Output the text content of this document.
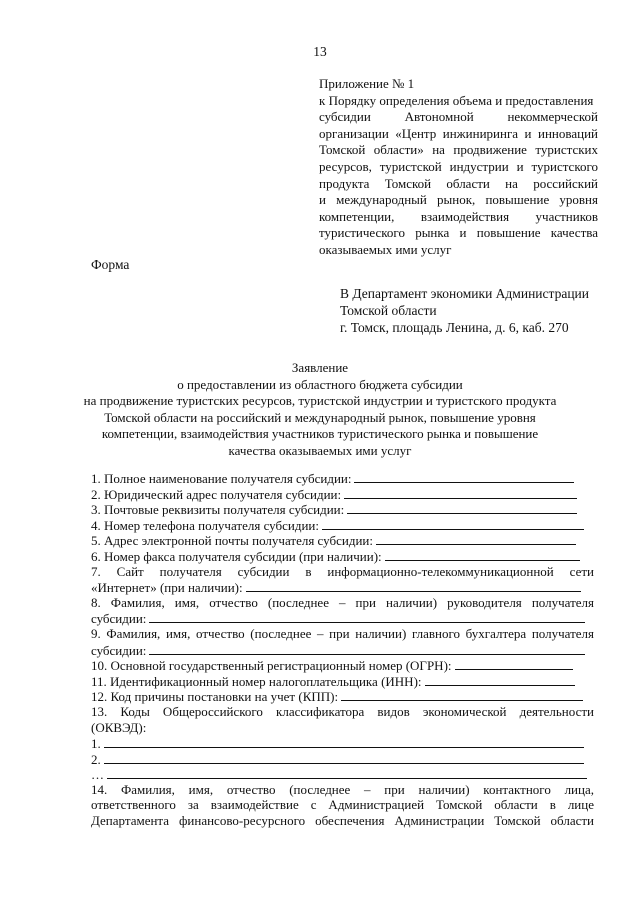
13
Приложение № 1
к Порядку определения объема и предоставления
субсидии Автономной некоммерческой
организации «Центр инжиниринга и инноваций
Томской области» на продвижение туристских
ресурсов, туристской индустрии и туристского
продукта Томской области на российский
и международный рынок, повышение уровня
компетенции, взаимодействия участников
туристического рынка и повышение качества
оказываемых ими услуг
Форма
В Департамент экономики Администрации
Томской области
г. Томск, площадь Ленина, д. 6, каб. 270
Заявление
о предоставлении из областного бюджета субсидии
на продвижение туристских ресурсов, туристской индустрии и туристского продукта
Томской области на российский и международный рынок, повышение уровня
компетенции, взаимодействия участников туристического рынка и повышение
качества оказываемых ими услуг
1. Полное наименование получателя субсидии:
2. Юридический адрес получателя субсидии:
3. Почтовые реквизиты получателя субсидии:
4. Номер телефона получателя субсидии:
5. Адрес электронной почты получателя субсидии:
6. Номер факса получателя субсидии (при наличии):
7. Сайт получателя субсидии в информационно-телекоммуникационной сети
«Интернет» (при наличии):
8. Фамилия, имя, отчество (последнее – при наличии) руководителя получателя
субсидии:
9. Фамилия, имя, отчество (последнее – при наличии) главного бухгалтера получателя
субсидии:
10. Основной государственный регистрационный номер (ОГРН):
11. Идентификационный номер налогоплательщика (ИНН):
12. Код причины постановки на учет (КПП):
13. Коды Общероссийского классификатора видов экономической деятельности
(ОКВЭД):
1.
2.
…
14. Фамилия, имя, отчество (последнее – при наличии) контактного лица,
ответственного за взаимодействие с Администрацией Томской области в лице
Департамента финансово-ресурсного обеспечения Администрации Томской области
